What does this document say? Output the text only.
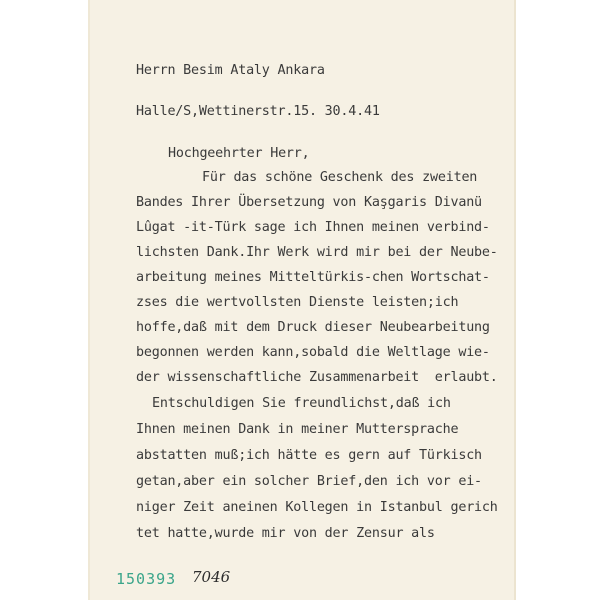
Herrn Besim Ataly Ankara
Halle/S,Wettinerstr.15. 30.4.41
Hochgeehrter Herr,
Für das schöne Geschenk des zweiten
Bandes Ihrer Übersetzung von Kaşgaris Divanü
Lûgat -it-Türk sage ich Ihnen meinen verbind-
lichsten Dank.Ihr Werk wird mir bei der Neube-
arbeitung meines Mitteltürkis-chen Wortschat-
zses die wertvollsten Dienste leisten;ich
hoffe,daß mit dem Druck dieser Neubearbeitung
begonnen werden kann,sobald die Weltlage wie-
der wissenschaftliche Zusammenarbeit  erlaubt.
Entschuldigen Sie freundlichst,daß ich
Ihnen meinen Dank in meiner Muttersprache
abstatten muß;ich hätte es gern auf Türkisch
getan,aber ein solcher Brief,den ich vor ei-
niger Zeit aneinen Kollegen in Istanbul gerich
tet hatte,wurde mir von der Zensur als
150393 7046
